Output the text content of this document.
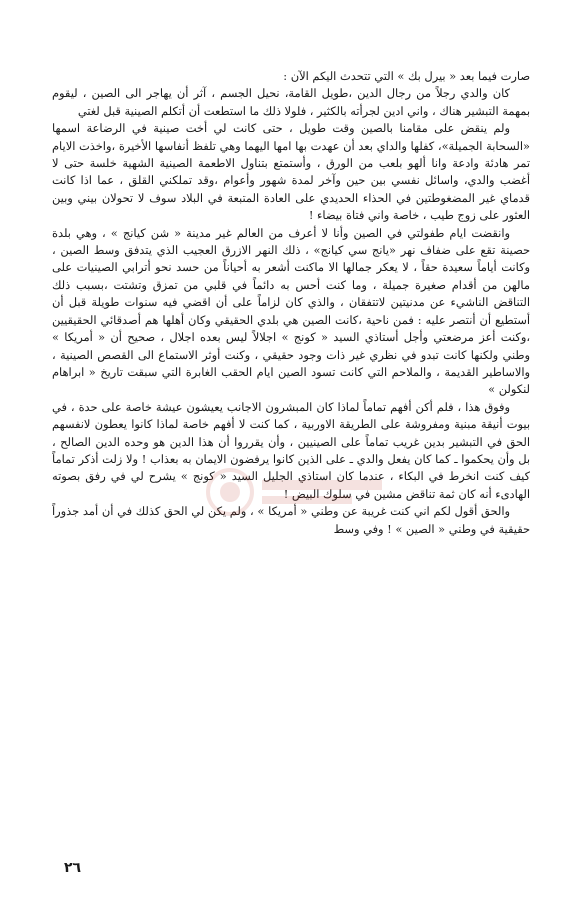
صارت فيما بعد « بيرل بك » التي تتحدث اليكم الآن :

كان والدي رجلاً من رجال الدين ،طويل القامة، نحيل الجسم ، آثر أن يهاجر الى الصين ، ليقوم بمهمة التبشير هناك ، واني ادين لجرأته بالكثير ، فلولا ذلك ما استطعت أن أتكلم الصينية قبل لغتي

ولم ينقض على مقامنا بالصين وقت طويل ، حتى كانت لي أخت صينية في الرضاعة اسمها «السحابة الجميلة»، كفلها والداي بعد أن عهدت بها امها اليهما وهي تلفظ أنفاسها الأخيرة ،واخذت الايام تمر هادئة وادعة وانا ألهو بلعب من الورق ، وأستمتع بتناول الاطعمة الصينية الشهية خلسة حتى لا أغضب والدي، واسائل نفسي بين حين وآخر لمدة شهور وأعوام ،وقد تملكني القلق ، عما اذا كانت قدماي غير المضغوطتين في الحذاء الحديدي على العادة المتبعة في البلاد سوف لا تحولان بيني وبين العثور على زوج طيب ، خاصة واني فتاة بيضاء !

وانقضت ايام طفولتي في الصين وأنا لا أعرف من العالم غير مدينة « شن كيانج » ، وهي بلدة حصينة تقع على ضفاف نهر «يانج سي كيانج» ، ذلك النهر الازرق العجيب الذي يتدفق وسط الصين ، وكانت أياماً سعيدة حقاً ، لا يعكر جمالها الا ماكنت أشعر به أحياناً من حسد نحو أترابي الصينيات على مالهن من أقدام صغيرة جميلة ، وما كنت أحس به دائماً في قلبي من تمزق وتشتت ،بسبب ذلك التناقض الناشيء عن مدنيتين لاتتفقان ، والذي كان لزاماً على أن اقضي فيه سنوات طويلة قبل أن أستطيع أن أنتصر عليه : فمن ناحية ،كانت الصين هي بلدي الحقيقي وكان أهلها هم أصدقائي الحقيقيين ،وكنت أعز مرضعتي وأجل أستاذي السيد « كونج » اجلالاً ليس بعده اجلال ، صحيح أن « أمريكا » وطني ولكنها كانت تبدو في نظري غير ذات وجود حقيقي ، وكنت أوثر الاستماع الى القصص الصينية ، والاساطير القديمة ، والملاحم التي كانت تسود الصين ايام الحقب الغابرة التي سبقت تاريخ « ابراهام لنكولن »

وفوق هذا ، فلم أكن أفهم تماماً لماذا كان المبشرون الاجانب يعيشون عيشة خاصة على حدة ، في بيوت أنيقة مبنية ومفروشة على الطريقة الاوربية ، كما كنت لا أفهم خاصة لماذا كانوا يعطون لانفسهم الحق في التبشير بدين غريب تماماً على الصينيين ، وأن يقرروا أن هذا الدين هو وحده الدين الصالح ، بل وأن يحكموا ـ كما كان يفعل والدي ـ على الذين كانوا يرفضون الايمان به بعذاب ! ولا زلت أذكر تماماً كيف كنت انخرط في البكاء ، عندما كان استاذي الجليل السيد « كونج » يشرح لي في رفق بصوته الهادىء أنه كان ثمة تناقض مشين في سلوك البيض !

والحق أقول لكم اني كنت غريبة عن وطني « أمريكا » ، ولم يكن لي الحق كذلك في أن أمد جذوراً حقيقية في وطني « الصين » ! وفي وسط

٢٦
